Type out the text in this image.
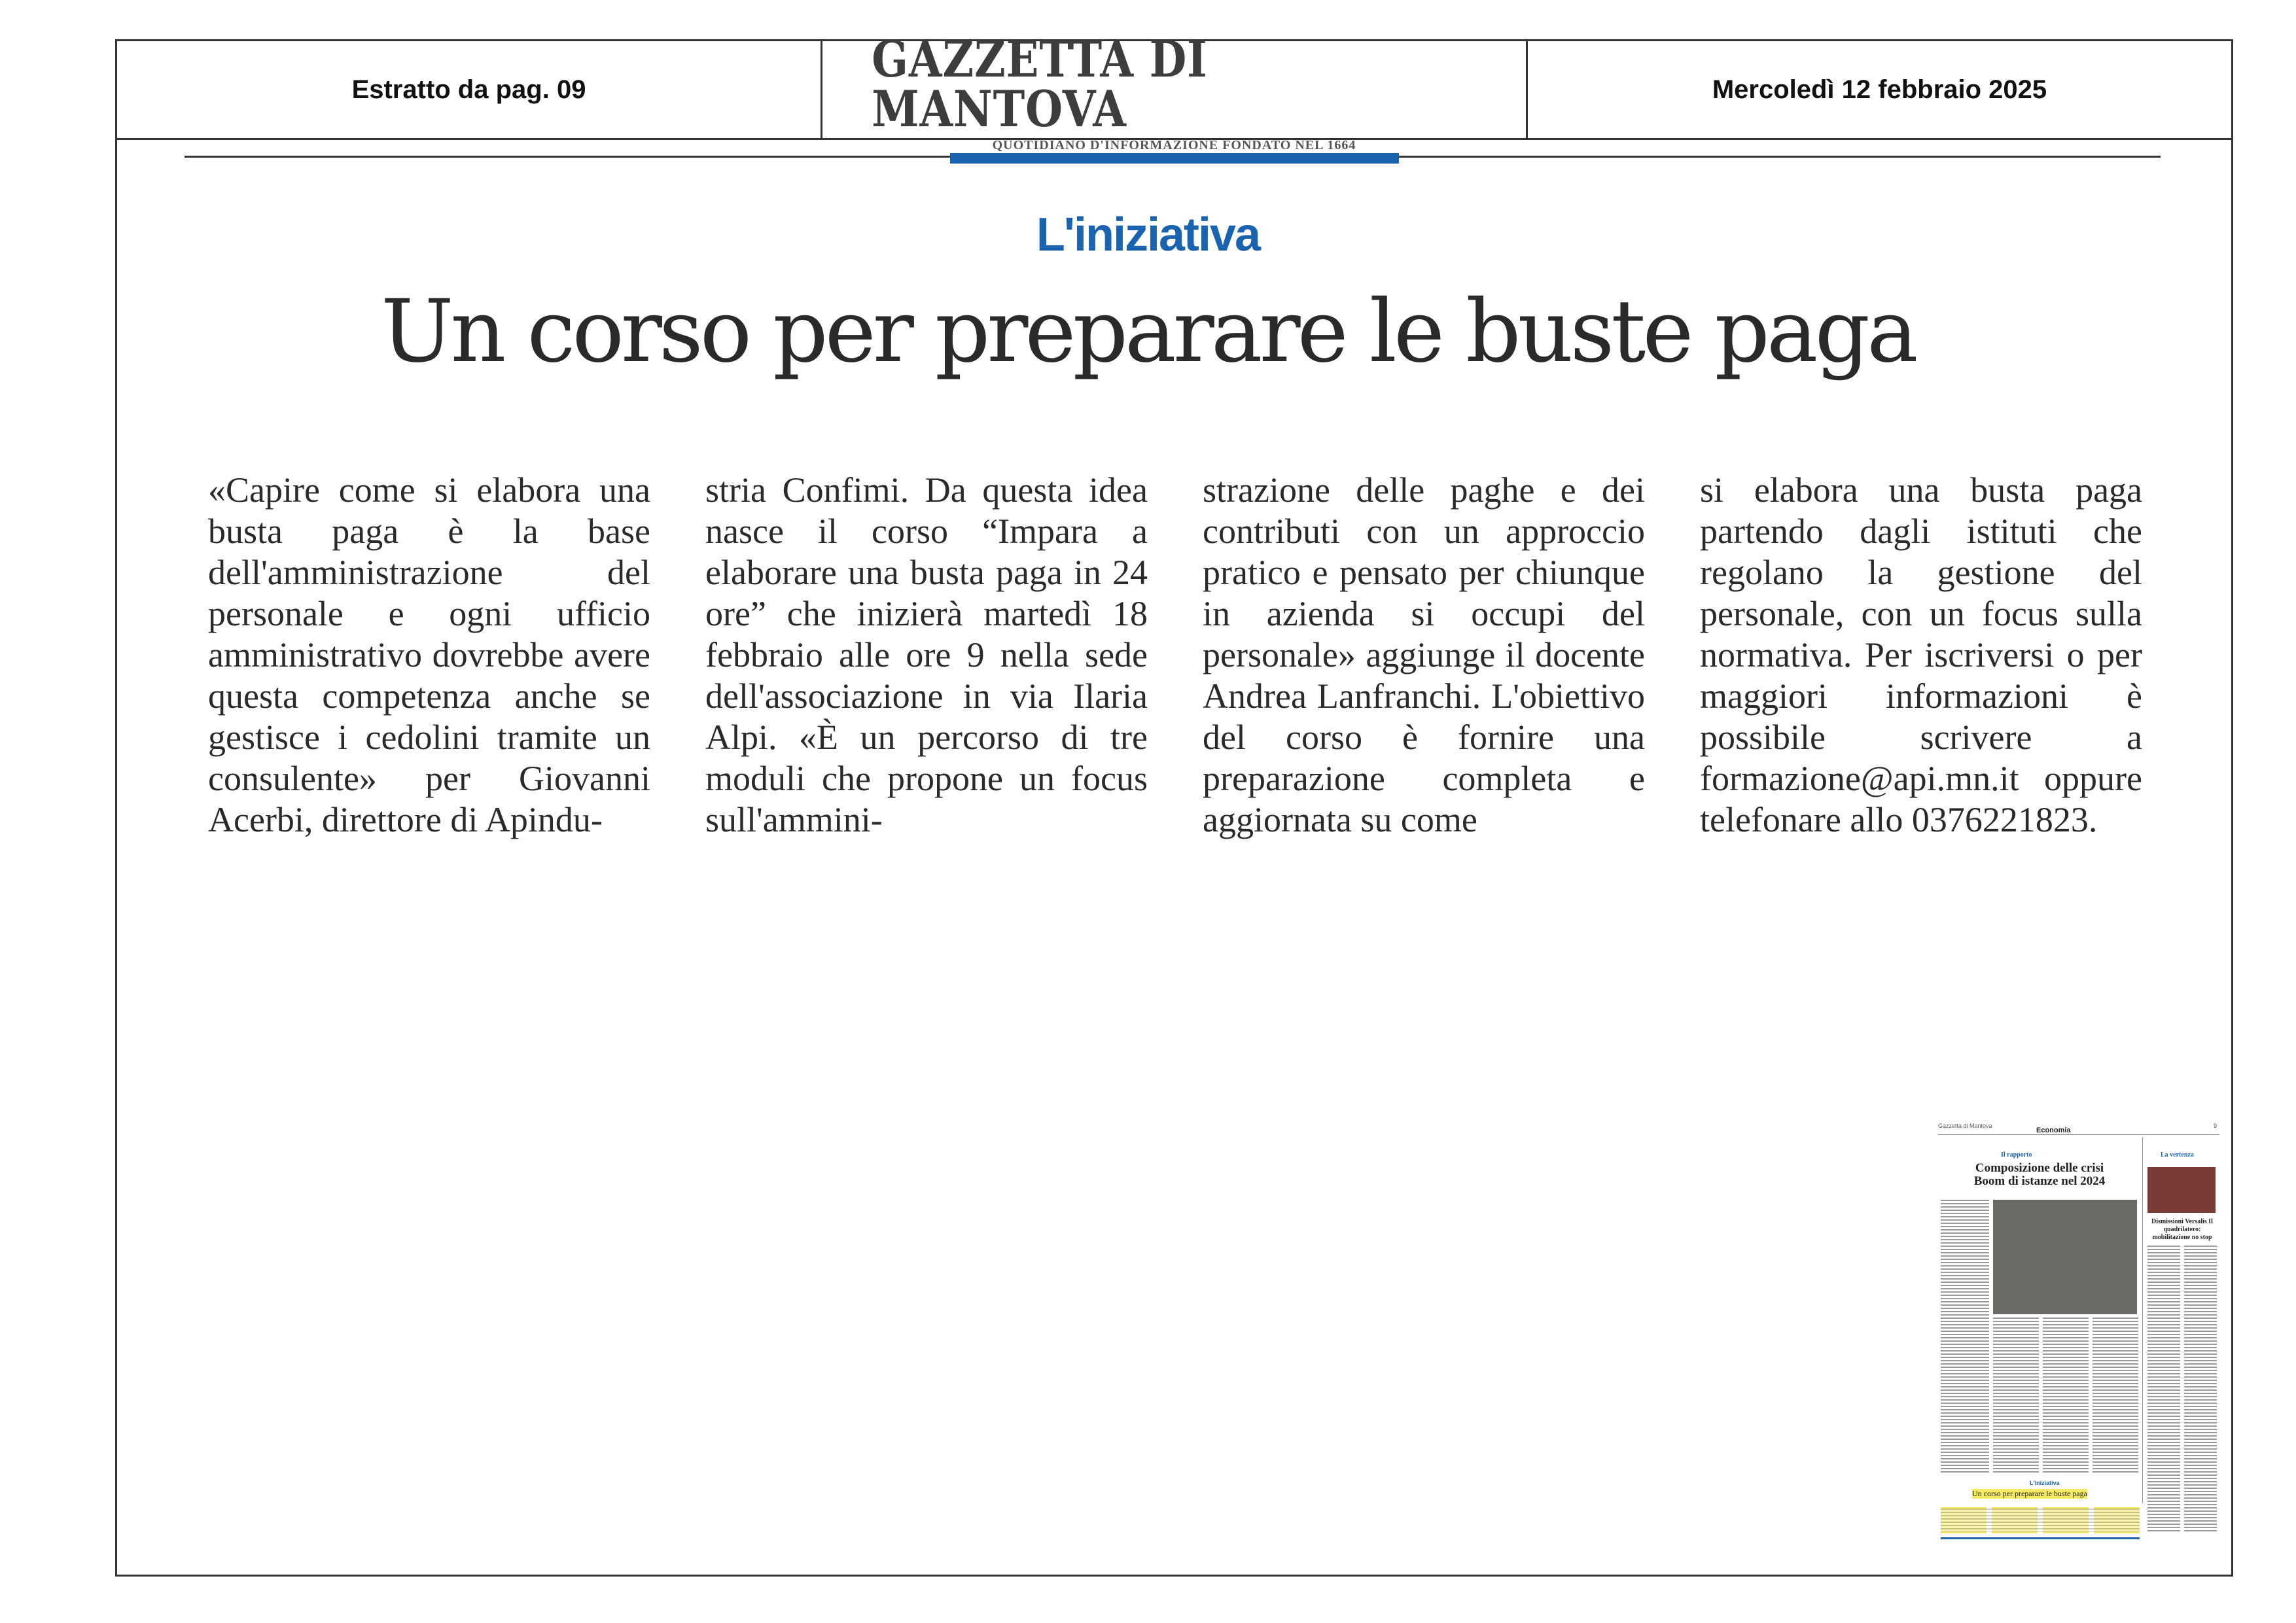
Estratto da pag. 09
GAZZETTA DI MANTOVA
QUOTIDIANO D'INFORMAZIONE FONDATO NEL 1664
Mercoledì 12 febbraio 2025
L'iniziativa
Un corso per preparare le buste paga

«Capire come si elabora una busta paga è la base dell'amministrazione del personale e ogni ufficio amministrativo dovrebbe avere questa competenza anche se gestisce i cedolini tramite un consulente» per Giovanni Acerbi, direttore di Apindu-

stria Confimi. Da questa idea nasce il corso “Impara a elaborare una busta paga in 24 ore” che inizierà martedì 18 febbraio alle ore 9 nella sede dell'associazione in via Ilaria Alpi. «È un percorso di tre moduli che propone un focus sull'ammini-

strazione delle paghe e dei contributi con un approccio pratico e pensato per chiunque in azienda si occupi del personale» aggiunge il docente Andrea Lanfranchi. L'obiettivo del corso è fornire una preparazione completa e aggiornata su come

si elabora una busta paga partendo dagli istituti che regolano la gestione del personale, con un focus sulla normativa. Per iscriversi o per maggiori informazioni è possibile scrivere a formazione@api.mn.it oppure telefonare allo 0376221823.

Gazzetta di Mantova
Economia
9
Il rapporto
Composizione delle crisi
Boom di istanze nel 2024
La vertenza
Dismissioni Versalis Il quadrilatero: mobilitazione no stop
L'iniziativa
Un corso per preparare le buste paga
